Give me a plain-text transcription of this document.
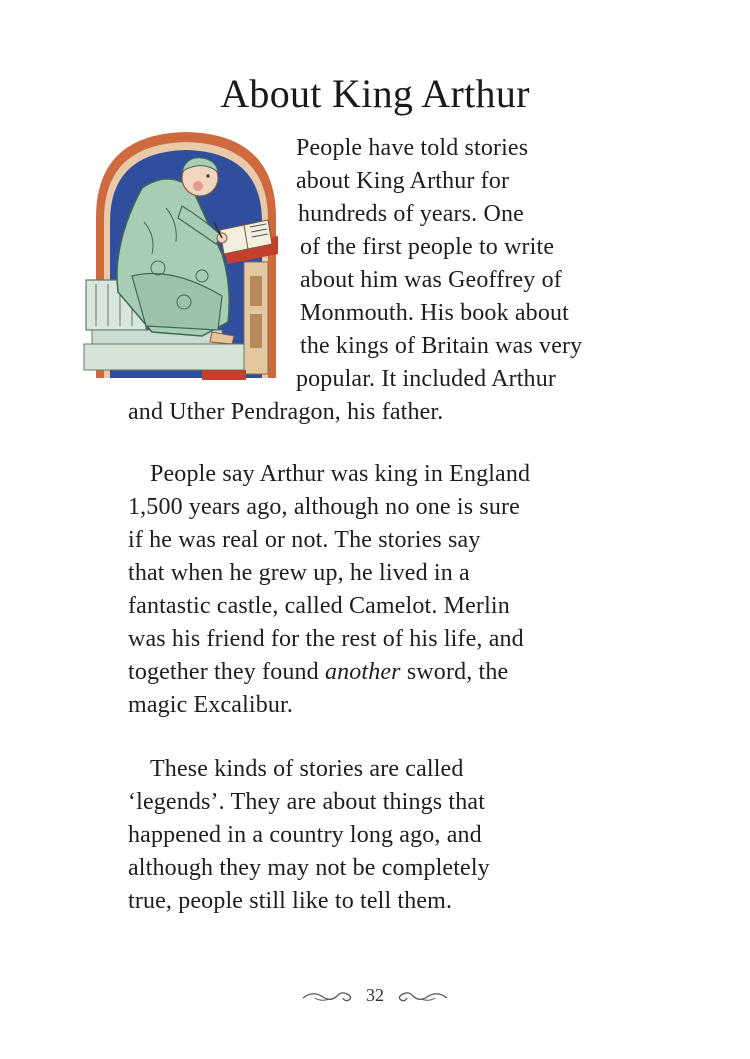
About King Arthur

People have told stories

about King Arthur for

hundreds of years. One

of the first people to write

about him was Geoffrey of

Monmouth. His book about

the kings of Britain was very

popular. It included Arthur

and Uther Pendragon, his father.

People say Arthur was king in England

1,500 years ago, although no one is sure

if he was real or not. The stories say

that when he grew up, he lived in a

fantastic castle, called Camelot. Merlin

was his friend for the rest of his life, and

together they found another sword, the

magic Excalibur.

These kinds of stories are called

‘legends’. They are about things that

happened in a country long ago, and

although they may not be completely

true, people still like to tell them.

32
